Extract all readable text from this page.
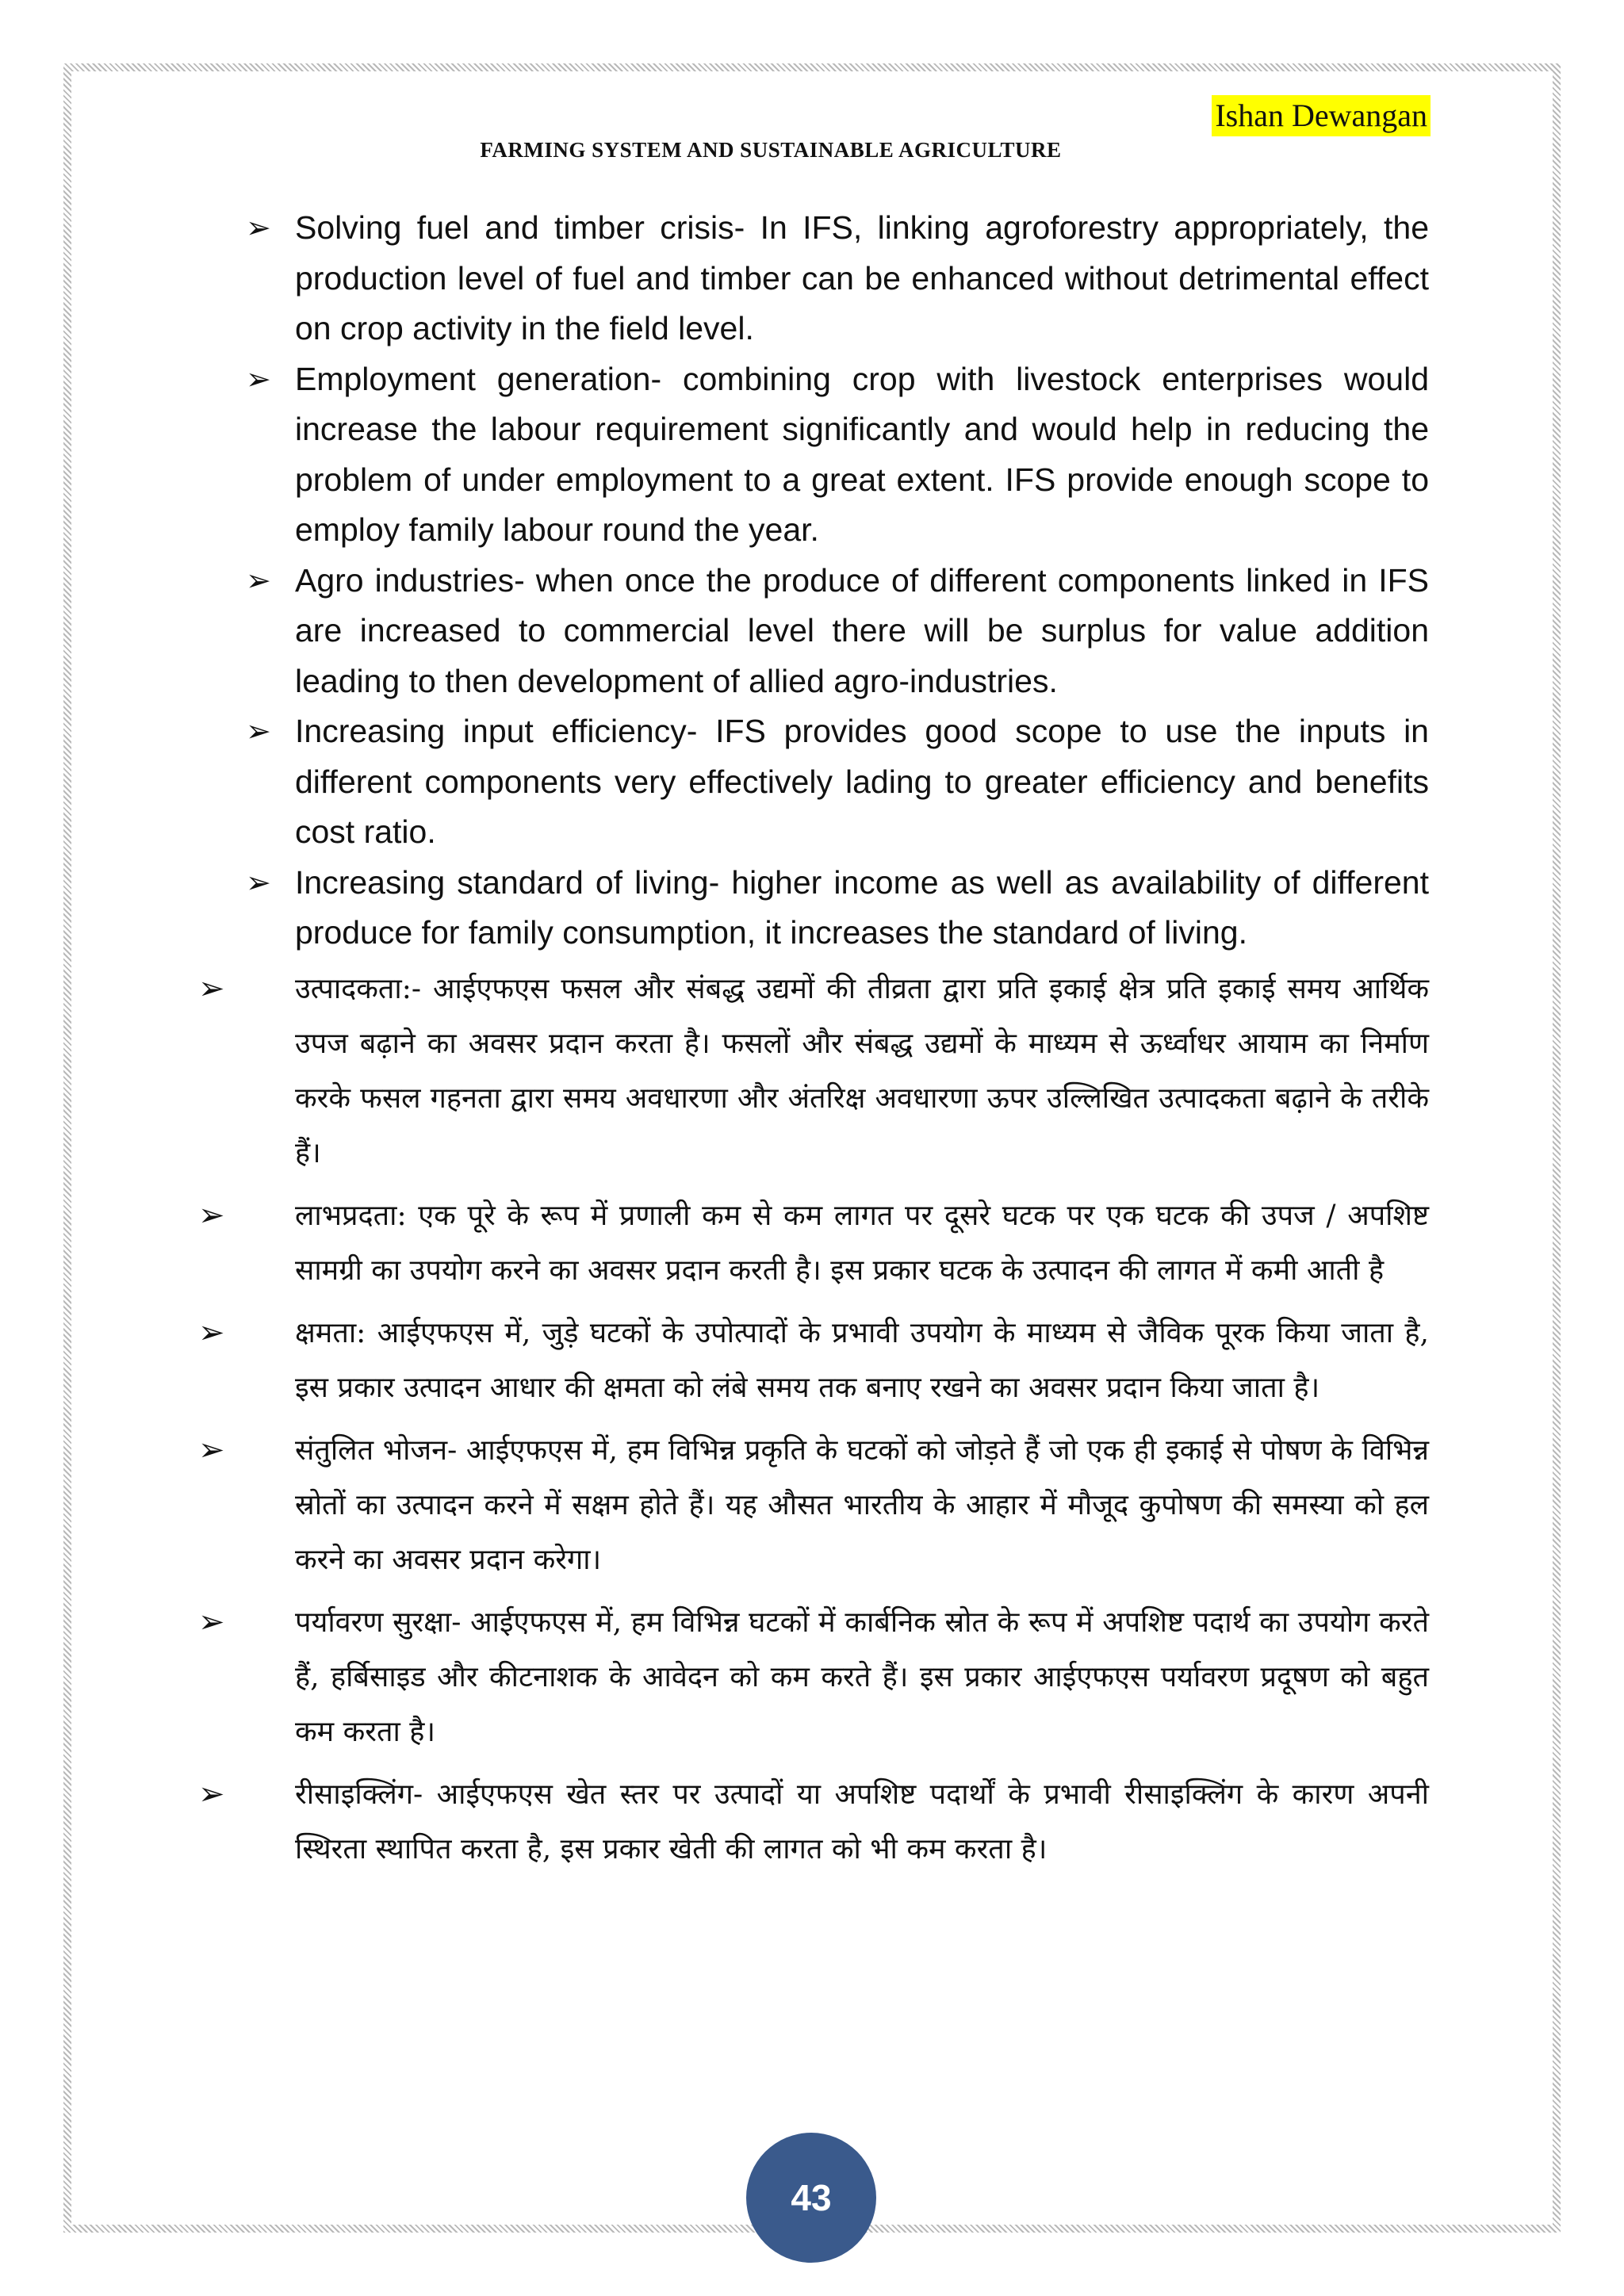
Ishan Dewangan
FARMING SYSTEM AND SUSTAINABLE AGRICULTURE
➢ Solving fuel and timber crisis- In IFS, linking agroforestry appropriately, the production level of fuel and timber can be enhanced without detrimental effect on crop activity in the field level.
➢ Employment generation- combining crop with livestock enterprises would increase the labour requirement significantly and would help in reducing the problem of under employment to a great extent. IFS provide enough scope to employ family labour round the year.
➢ Agro industries- when once the produce of different components linked in IFS are increased to commercial level there will be surplus for value addition leading to then development of allied agro-industries.
➢ Increasing input efficiency- IFS provides good scope to use the inputs in different components very effectively lading to greater efficiency and benefits cost ratio.
➢ Increasing standard of living- higher income as well as availability of different produce for family consumption, it increases the standard of living.
➢ उत्पादकता:- आईएफएस फसल और संबद्ध उद्यमों की तीव्रता द्वारा प्रति इकाई क्षेत्र प्रति इकाई समय आर्थिक उपज बढ़ाने का अवसर प्रदान करता है। फसलों और संबद्ध उद्यमों के माध्यम से ऊर्ध्वाधर आयाम का निर्माण करके फसल गहनता द्वारा समय अवधारणा और अंतरिक्ष अवधारणा ऊपर उल्लिखित उत्पादकता बढ़ाने के तरीके हैं।
➢ लाभप्रदता: एक पूरे के रूप में प्रणाली कम से कम लागत पर दूसरे घटक पर एक घटक की उपज / अपशिष्ट सामग्री का उपयोग करने का अवसर प्रदान करती है। इस प्रकार घटक के उत्पादन की लागत में कमी आती है
➢ क्षमता: आईएफएस में, जुड़े घटकों के उपोत्पादों के प्रभावी उपयोग के माध्यम से जैविक पूरक किया जाता है, इस प्रकार उत्पादन आधार की क्षमता को लंबे समय तक बनाए रखने का अवसर प्रदान किया जाता है।
➢ संतुलित भोजन- आईएफएस में, हम विभिन्न प्रकृति के घटकों को जोड़ते हैं जो एक ही इकाई से पोषण के विभिन्न स्रोतों का उत्पादन करने में सक्षम होते हैं। यह औसत भारतीय के आहार में मौजूद कुपोषण की समस्या को हल करने का अवसर प्रदान करेगा।
➢ पर्यावरण सुरक्षा- आईएफएस में, हम विभिन्न घटकों में कार्बनिक स्रोत के रूप में अपशिष्ट पदार्थ का उपयोग करते हैं, हर्बिसाइड और कीटनाशक के आवेदन को कम करते हैं। इस प्रकार आईएफएस पर्यावरण प्रदूषण को बहुत कम करता है।
➢ रीसाइक्लिंग- आईएफएस खेत स्तर पर उत्पादों या अपशिष्ट पदार्थों के प्रभावी रीसाइक्लिंग के कारण अपनी स्थिरता स्थापित करता है, इस प्रकार खेती की लागत को भी कम करता है।
43
